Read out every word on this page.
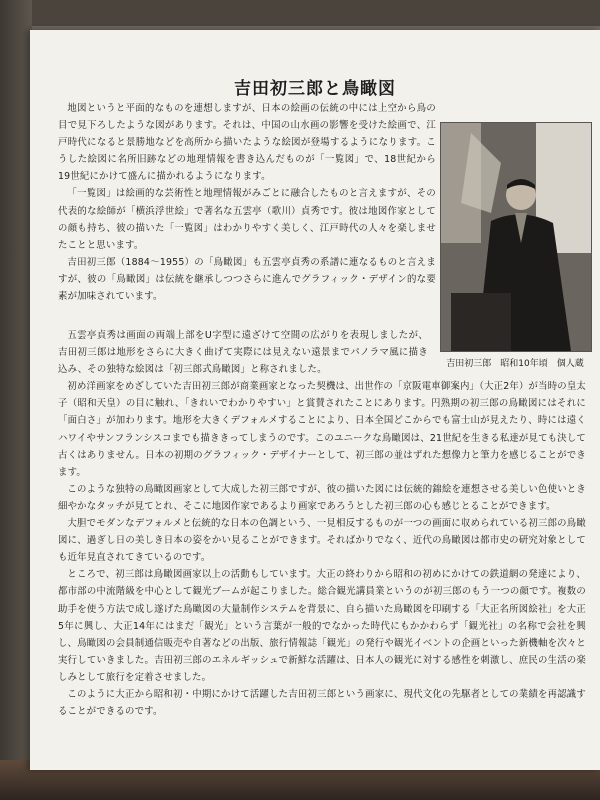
吉田初三郎と鳥瞰図

地図というと平面的なものを連想しますが、日本の絵画の伝統の中には上空から鳥の目で見下ろしたような図があります。それは、中国の山水画の影響を受けた絵画で、江戸時代になると景勝地などを高所から描いたような絵図が登場するようになります。こうした絵図に名所旧跡などの地理情報を書き込んだものが「一覧図」で、18世紀から19世紀にかけて盛んに描かれるようになります。

「一覧図」は絵画的な芸術性と地理情報がみごとに融合したものと言えますが、その代表的な絵師が「横浜浮世絵」で著名な五雲亭（歌川）貞秀です。彼は地図作家としての顔も持ち、彼の描いた「一覧図」はわかりやすく美しく、江戸時代の人々を楽しませたことと思います。

吉田初三郎（1884～1955）の「鳥瞰図」も五雲亭貞秀の系譜に連なるものと言えますが、彼の「鳥瞰図」は伝統を継承しつつさらに進んでグラフィック・デザイン的な要素が加味されています。

吉田初三郎　昭和10年頃　個人蔵

五雲亭貞秀は画面の両端上部をU字型に遠ざけて空間の広がりを表現しましたが、吉田初三郎は地形をさらに大きく曲げて実際には見えない遠景までパノラマ風に描き込み、その独特な絵図は「初三郎式鳥瞰図」と称されました。

初め洋画家をめざしていた吉田初三郎が商業画家となった契機は、出世作の「京阪電車御案内」（大正2年）が当時の皇太子（昭和天皇）の目に触れ、「きれいでわかりやすい」と賞賛されたことにあります。円熟期の初三郎の鳥瞰図にはそれに「面白さ」が加わります。地形を大きくデフォルメすることにより、日本全国どこからでも富士山が見えたり、時には遠くハワイやサンフランシスコまでも描ききってしまうのです。このユニークな鳥瞰図は、21世紀を生きる私達が見ても決して古くはありません。日本の初期のグラフィック・デザイナーとして、初三郎の並はずれた想像力と筆力を感じることができます。

このような独特の鳥瞰図画家として大成した初三郎ですが、彼の描いた図には伝統的錦絵を連想させる美しい色使いとき細やかなタッチが見てとれ、そこに地図作家であるより画家であろうとした初三郎の心も感じとることができます。

大胆でモダンなデフォルメと伝統的な日本の色調という、一見相反するものが一つの画面に収められている初三郎の鳥瞰図に、過ぎし日の美しき日本の姿をかい見ることができます。そればかりでなく、近代の鳥瞰図は都市史の研究対象としても近年見直されてきているのです。

ところで、初三郎は鳥瞰図画家以上の活動もしています。大正の終わりから昭和の初めにかけての鉄道網の発達により、都市部の中流階級を中心として観光ブームが起こりました。総合観光講員業というのが初三郎のもう一つの顔です。複数の助手を使う方法で成し遂げた鳥瞰図の大量制作システムを背景に、自ら描いた鳥瞰図を印刷する「大正名所図絵社」を大正5年に興し、大正14年にはまだ「観光」という言葉が一般的でなかった時代にもかかわらず「観光社」の名称で会社を興し、鳥瞰図の会員制通信販売や自著などの出版、旅行情報誌「観光」の発行や観光イベントの企画といった新機軸を次々と実行していきました。吉田初三郎のエネルギッシュで新鮮な活躍は、日本人の観光に対する感性を刺激し、庶民の生活の楽しみとして旅行を定着させました。

このように大正から昭和初・中期にかけて活躍した吉田初三郎という画家に、現代文化の先駆者としての業績を再認識することができるのです。
